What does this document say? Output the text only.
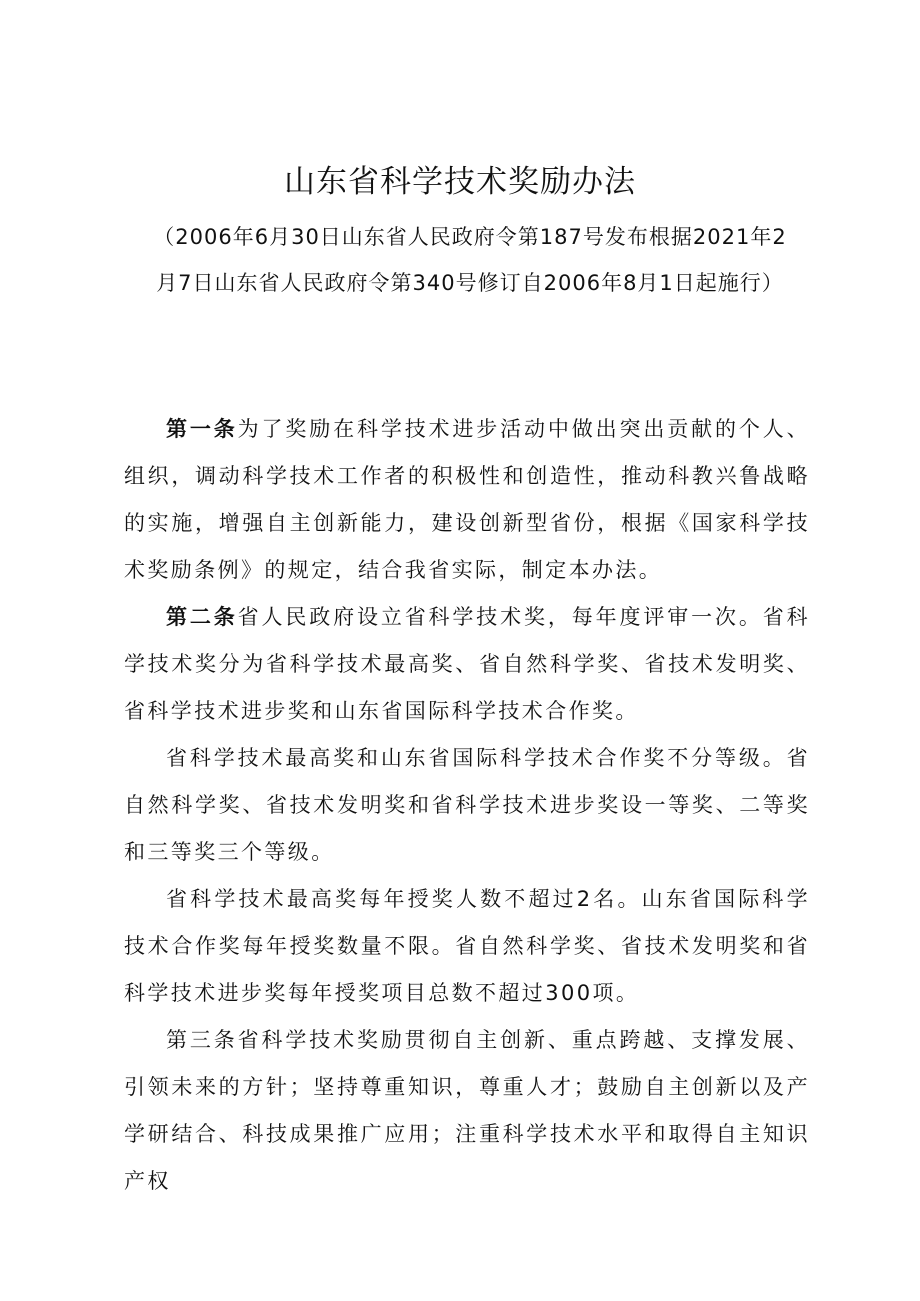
山东省科学技术奖励办法
（2006年6月30日山东省人民政府令第187号发布根据2021年2月7日山东省人民政府令第340号修订自2006年8月1日起施行）

第一条为了奖励在科学技术进步活动中做出突出贡献的个人、组织，调动科学技术工作者的积极性和创造性，推动科教兴鲁战略的实施，增强自主创新能力，建设创新型省份，根据《国家科学技术奖励条例》的规定，结合我省实际，制定本办法。

第二条省人民政府设立省科学技术奖，每年度评审一次。省科学技术奖分为省科学技术最高奖、省自然科学奖、省技术发明奖、省科学技术进步奖和山东省国际科学技术合作奖。

省科学技术最高奖和山东省国际科学技术合作奖不分等级。省自然科学奖、省技术发明奖和省科学技术进步奖设一等奖、二等奖和三等奖三个等级。

省科学技术最高奖每年授奖人数不超过2名。山东省国际科学技术合作奖每年授奖数量不限。省自然科学奖、省技术发明奖和省科学技术进步奖每年授奖项目总数不超过300项。

第三条省科学技术奖励贯彻自主创新、重点跨越、支撑发展、引领未来的方针；坚持尊重知识，尊重人才；鼓励自主创新以及产学研结合、科技成果推广应用；注重科学技术水平和取得自主知识产权
